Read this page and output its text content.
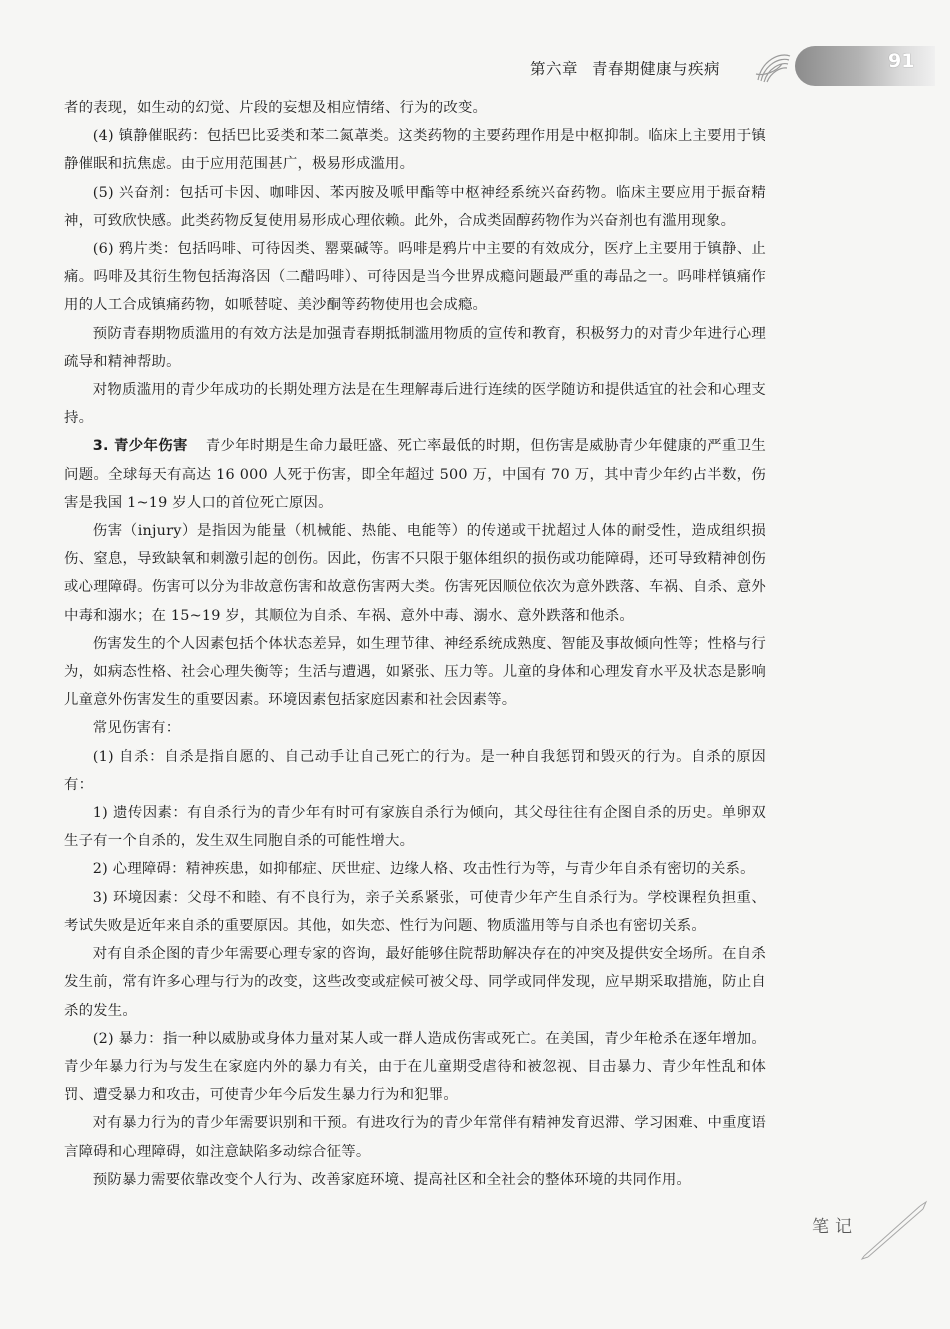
第六章 青春期健康与疾病	91

者的表现，如生动的幻觉、片段的妄想及相应情绪、行为的改变。

(4) 镇静催眠药：包括巴比妥类和苯二氮䓬类。这类药物的主要药理作用是中枢抑制。临床上主要用于镇静催眠和抗焦虑。由于应用范围甚广，极易形成滥用。

(5) 兴奋剂：包括可卡因、咖啡因、苯丙胺及哌甲酯等中枢神经系统兴奋药物。临床主要应用于振奋精神，可致欣快感。此类药物反复使用易形成心理依赖。此外，合成类固醇药物作为兴奋剂也有滥用现象。

(6) 鸦片类：包括吗啡、可待因类、罂粟碱等。吗啡是鸦片中主要的有效成分，医疗上主要用于镇静、止痛。吗啡及其衍生物包括海洛因（二醋吗啡）、可待因是当今世界成瘾问题最严重的毒品之一。吗啡样镇痛作用的人工合成镇痛药物，如哌替啶、美沙酮等药物使用也会成瘾。

预防青春期物质滥用的有效方法是加强青春期抵制滥用物质的宣传和教育，积极努力的对青少年进行心理疏导和精神帮助。

对物质滥用的青少年成功的长期处理方法是在生理解毒后进行连续的医学随访和提供适宜的社会和心理支持。

3. 青少年伤害 青少年时期是生命力最旺盛、死亡率最低的时期，但伤害是威胁青少年健康的严重卫生问题。全球每天有高达 16 000 人死于伤害，即全年超过 500 万，中国有 70 万，其中青少年约占半数，伤害是我国 1~19 岁人口的首位死亡原因。

伤害（injury）是指因为能量（机械能、热能、电能等）的传递或干扰超过人体的耐受性，造成组织损伤、窒息，导致缺氧和刺激引起的创伤。因此，伤害不只限于躯体组织的损伤或功能障碍，还可导致精神创伤或心理障碍。伤害可以分为非故意伤害和故意伤害两大类。伤害死因顺位依次为意外跌落、车祸、自杀、意外中毒和溺水；在 15~19 岁，其顺位为自杀、车祸、意外中毒、溺水、意外跌落和他杀。

伤害发生的个人因素包括个体状态差异，如生理节律、神经系统成熟度、智能及事故倾向性等；性格与行为，如病态性格、社会心理失衡等；生活与遭遇，如紧张、压力等。儿童的身体和心理发育水平及状态是影响儿童意外伤害发生的重要因素。环境因素包括家庭因素和社会因素等。

常见伤害有：

(1) 自杀：自杀是指自愿的、自己动手让自己死亡的行为。是一种自我惩罚和毁灭的行为。自杀的原因有：

1) 遗传因素：有自杀行为的青少年有时可有家族自杀行为倾向，其父母往往有企图自杀的历史。单卵双生子有一个自杀的，发生双生同胞自杀的可能性增大。

2) 心理障碍：精神疾患，如抑郁症、厌世症、边缘人格、攻击性行为等，与青少年自杀有密切的关系。

3) 环境因素：父母不和睦、有不良行为，亲子关系紧张，可使青少年产生自杀行为。学校课程负担重、考试失败是近年来自杀的重要原因。其他，如失恋、性行为问题、物质滥用等与自杀也有密切关系。

对有自杀企图的青少年需要心理专家的咨询，最好能够住院帮助解决存在的冲突及提供安全场所。在自杀发生前，常有许多心理与行为的改变，这些改变或症候可被父母、同学或同伴发现，应早期采取措施，防止自杀的发生。

(2) 暴力：指一种以威胁或身体力量对某人或一群人造成伤害或死亡。在美国，青少年枪杀在逐年增加。青少年暴力行为与发生在家庭内外的暴力有关，由于在儿童期受虐待和被忽视、目击暴力、青少年性乱和体罚、遭受暴力和攻击，可使青少年今后发生暴力行为和犯罪。

对有暴力行为的青少年需要识别和干预。有进攻行为的青少年常伴有精神发育迟滞、学习困难、中重度语言障碍和心理障碍，如注意缺陷多动综合征等。

预防暴力需要依靠改变个人行为、改善家庭环境、提高社区和全社会的整体环境的共同作用。

笔记
